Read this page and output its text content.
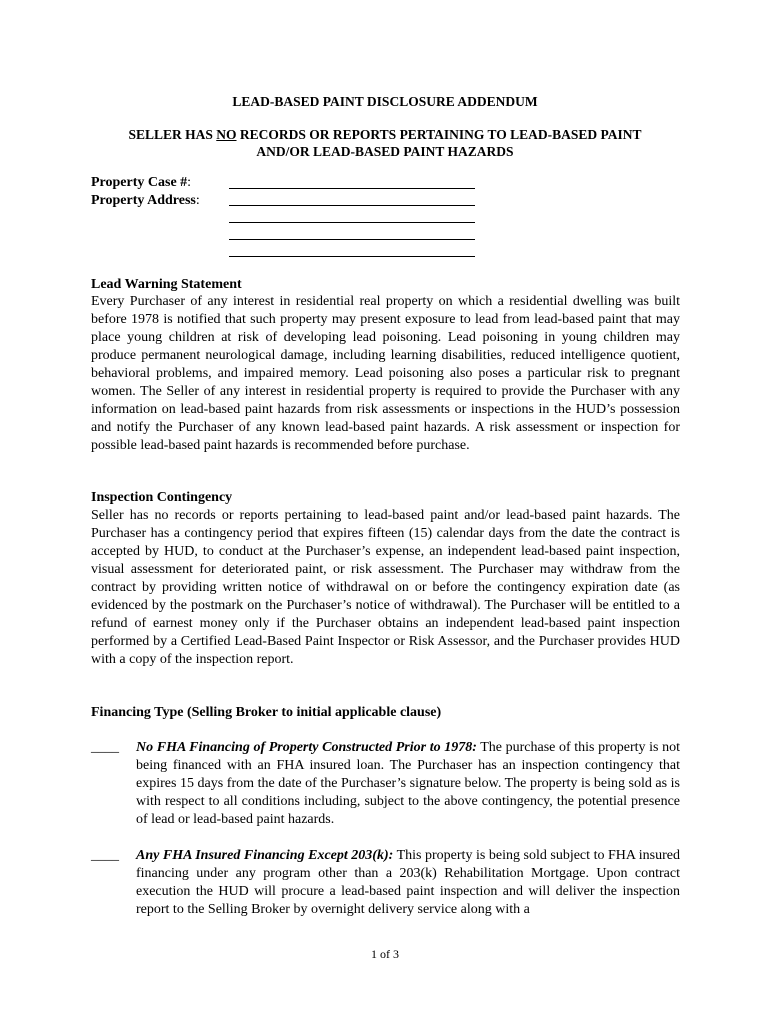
LEAD-BASED PAINT DISCLOSURE ADDENDUM
SELLER HAS NO RECORDS OR REPORTS PERTAINING TO LEAD-BASED PAINT
AND/OR LEAD-BASED PAINT HAZARDS
Property Case #:
Property Address:
Lead Warning Statement

Every Purchaser of any interest in residential real property on which a residential dwelling was built before 1978 is notified that such property may present exposure to lead from lead-based paint that may place young children at risk of developing lead poisoning. Lead poisoning in young children may produce permanent neurological damage, including learning disabilities, reduced intelligence quotient, behavioral problems, and impaired memory. Lead poisoning also poses a particular risk to pregnant women. The Seller of any interest in residential property is required to provide the Purchaser with any information on lead-based paint hazards from risk assessments or inspections in the HUD’s possession and notify the Purchaser of any known lead-based paint hazards. A risk assessment or inspection for possible lead-based paint hazards is recommended before purchase.

Inspection Contingency

Seller has no records or reports pertaining to lead-based paint and/or lead-based paint hazards. The Purchaser has a contingency period that expires fifteen (15) calendar days from the date the contract is accepted by HUD, to conduct at the Purchaser’s expense, an independent lead-based paint inspection, visual assessment for deteriorated paint, or risk assessment. The Purchaser may withdraw from the contract by providing written notice of withdrawal on or before the contingency expiration date (as evidenced by the postmark on the Purchaser’s notice of withdrawal). The Purchaser will be entitled to a refund of earnest money only if the Purchaser obtains an independent lead-based paint inspection performed by a Certified Lead-Based Paint Inspector or Risk Assessor, and the Purchaser provides HUD with a copy of the inspection report.

Financing Type (Selling Broker to initial applicable clause)
____ No FHA Financing of Property Constructed Prior to 1978: The purchase of this property is not being financed with an FHA insured loan. The Purchaser has an inspection contingency that expires 15 days from the date of the Purchaser’s signature below. The property is being sold as is with respect to all conditions including, subject to the above contingency, the potential presence of lead or lead-based paint hazards.

____ Any FHA Insured Financing Except 203(k): This property is being sold subject to FHA insured financing under any program other than a 203(k) Rehabilitation Mortgage. Upon contract execution the HUD will procure a lead-based paint inspection and will deliver the inspection report to the Selling Broker by overnight delivery service along with a

1 of 3
